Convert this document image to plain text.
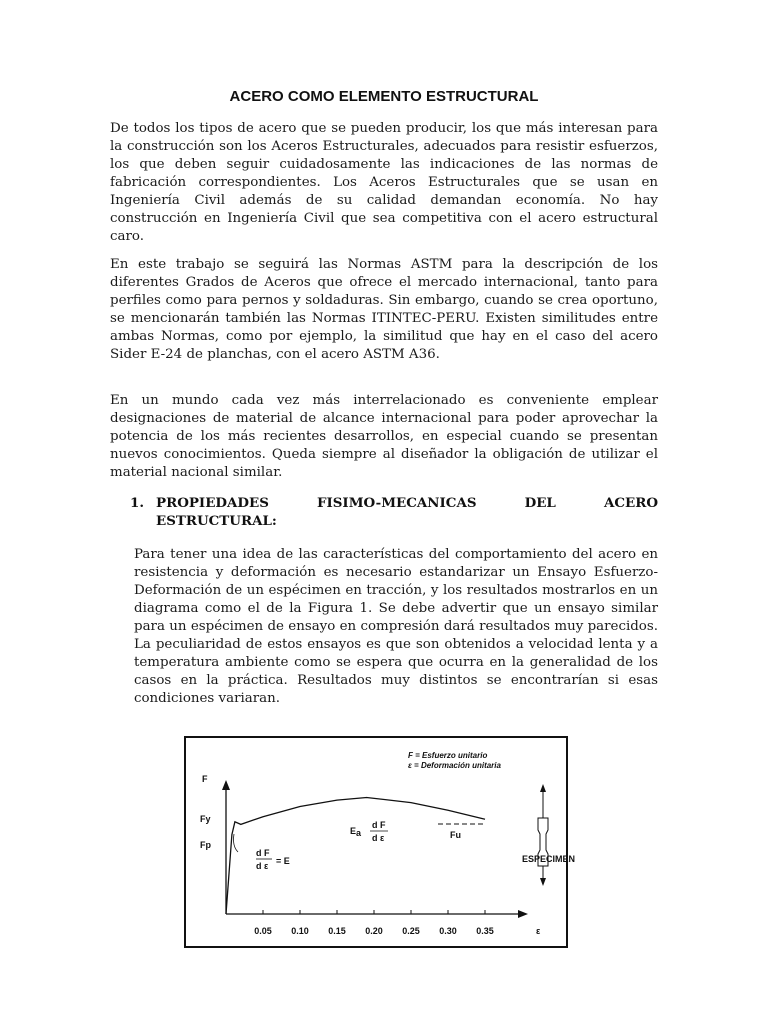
ACERO COMO ELEMENTO ESTRUCTURAL

De todos los tipos de acero que se pueden producir, los que más interesan para la construcción son los Aceros Estructurales, adecuados para resistir esfuerzos, los que deben seguir cuidadosamente las indicaciones de las normas de fabricación correspondientes. Los Aceros Estructurales que se usan en Ingeniería Civil además de su calidad demandan economía. No hay construcción en Ingeniería Civil que sea competitiva con el acero estructural caro.

En este trabajo se seguirá las Normas ASTM para la descripción de los diferentes Grados de Aceros que ofrece el mercado internacional, tanto para perfiles como para pernos y soldaduras. Sin embargo, cuando se crea oportuno, se mencionarán también las Normas ITINTEC-PERU. Existen similitudes entre ambas Normas, como por ejemplo, la similitud que hay en el caso del acero Sider E-24 de planchas, con el acero ASTM A36.

En un mundo cada vez más interrelacionado es conveniente emplear designaciones de material de alcance internacional para poder aprovechar la potencia de los más recientes desarrollos, en especial cuando se presentan nuevos conocimientos. Queda siempre al diseñador la obligación de utilizar el material nacional similar.

1. PROPIEDADES FISIMO-MECANICAS DEL ACERO
ESTRUCTURAL:

Para tener una idea de las características del comportamiento del acero en resistencia y deformación es necesario estandarizar un Ensayo Esfuerzo-Deformación de un espécimen en tracción, y los resultados mostrarlos en un diagrama como el de la Figura 1. Se debe advertir que un ensayo similar para un espécimen de ensayo en compresión dará resultados muy parecidos. La peculiaridad de estos ensayos es que son obtenidos a velocidad lenta y a temperatura ambiente como se espera que ocurra en la generalidad de los casos en la práctica. Resultados muy distintos se encontrarían si esas condiciones variaran.

F = Esfuerzo unitario
ε = Deformación unitaria
F
Fy
Fp
ε
0.05 0.10 0.15 0.20 0.25 0.30 0.35
Fu
d F
d ε = E
E a
d F
d ε
ESPECIMEN
